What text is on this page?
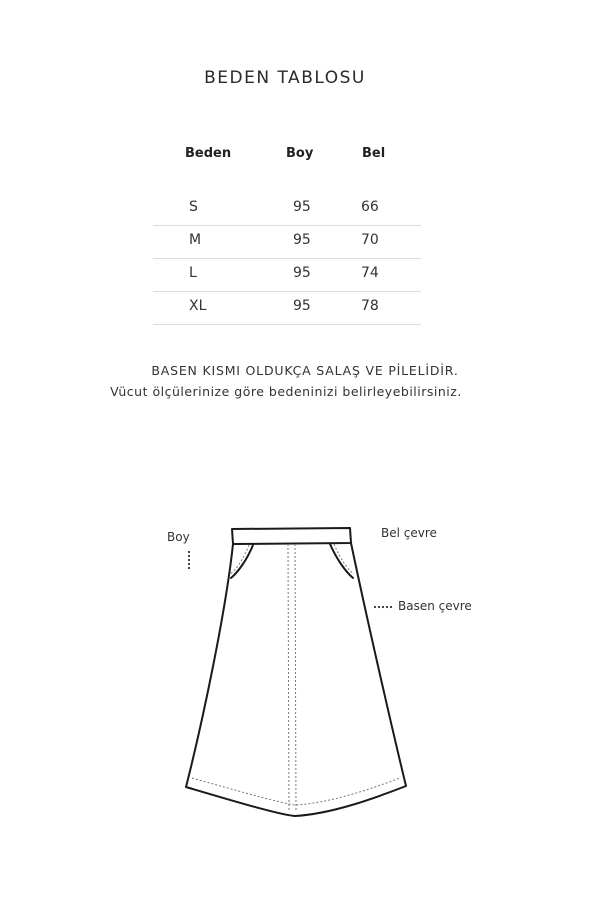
BEDEN TABLOSU
Beden	Boy	Bel
S	95	66
M	95	70
L	95	74
XL	95	78
BASEN KISMI OLDUKÇA SALAŞ VE PİLELİDİR.
Vücut ölçülerinize göre bedeninizi belirleyebilirsiniz.
Boy	Bel çevre
Basen çevre
